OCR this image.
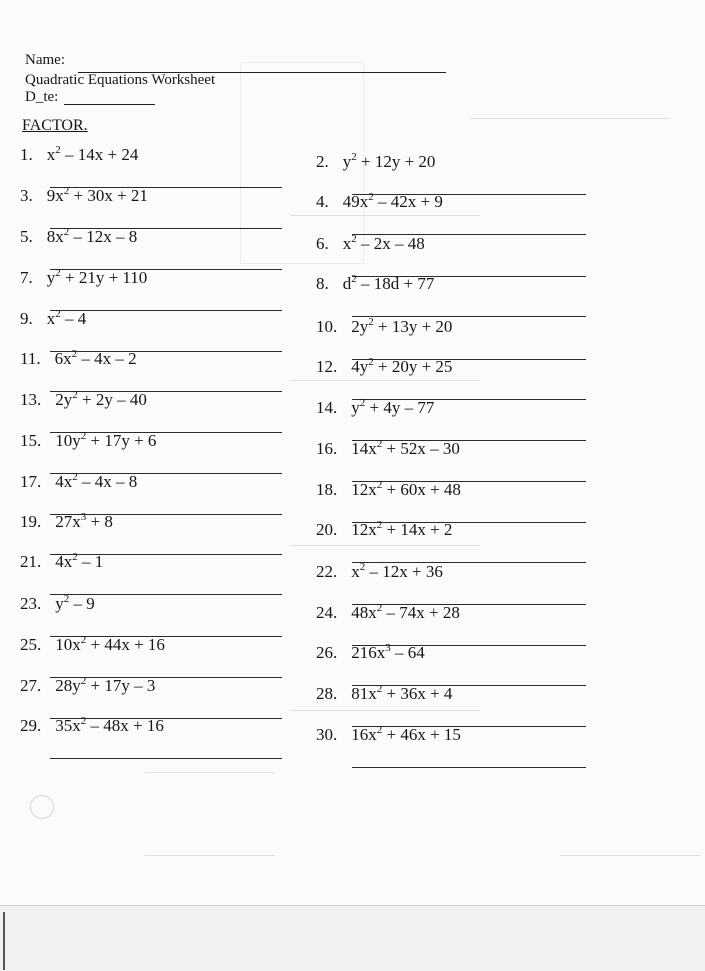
Name:
Quadratic Equations Worksheet
D_te:
FACTOR.
1. $x^2 - 14x + 24$	2. $y^2 + 12y + 20$
3. $9x^2 + 30x + 21$	4. $49x^2 - 42x + 9$
5. $8x^2 - 12x - 8$	6. $x^2 - 2x - 48$
7. $y^2 + 21y + 110$	8. $d^2 - 18d + 77$
9. $x^2 - 4$	10. $2y^2 + 13y + 20$
11. $6x^2 - 4x - 2$	12. $4y^2 + 20y + 25$
13. $2y^2 + 2y - 40$	14. $y^2 + 4y - 77$
15. $10y^2 + 17y + 6$	16. $14x^2 + 52x - 30$
17. $4x^2 - 4x - 8$	18. $12x^2 + 60x + 48$
19. $27x^3 + 8$	20. $12x^2 + 14x + 2$
21. $4x^2 - 1$
22. $x^2 - 12x + 36$
23. $y^2 - 9$	24. $48x^2 - 74x + 28$
25. $10x^2 + 44x + 16$	26. $216x^3 - 64$
27. $28y^2 + 17y - 3$	28. $81x^2 + 36x + 4$
29. $35x^2 - 48x + 16$	30. $16x^2 + 46x + 15$
